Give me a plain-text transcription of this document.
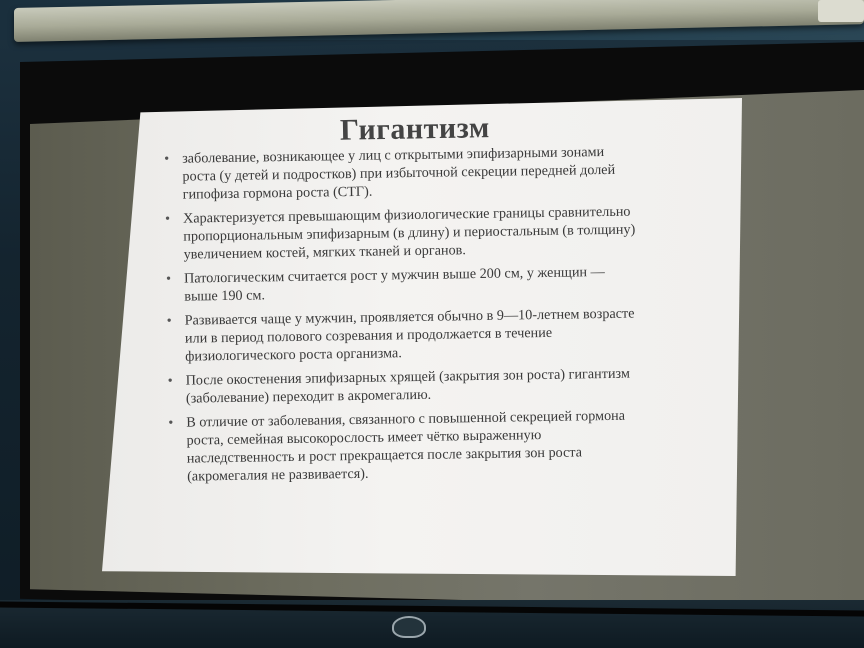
Гигантизм
• заболевание, возникающее у лиц с открытыми эпифизарными зонами
роста (у детей и подростков) при избыточной секреции передней долей
гипофиза гормона роста (СТГ).
• Характеризуется превышающим физиологические границы сравнительно
пропорциональным эпифизарным (в длину) и периостальным (в толщину)
увеличением костей, мягких тканей и органов.
• Патологическим считается рост у мужчин выше 200 см, у женщин —
выше 190 см.
• Развивается чаще у мужчин, проявляется обычно в 9—10-летнем возрасте
или в период полового созревания и продолжается в течение
физиологического роста организма.
• После окостенения эпифизарных хрящей (закрытия зон роста) гигантизм
(заболевание) переходит в акромегалию.
• В отличие от заболевания, связанного с повышенной секрецией гормона
роста, семейная высокорослость имеет чётко выраженную
наследственность и рост прекращается после закрытия зон роста
(акромегалия не развивается).
